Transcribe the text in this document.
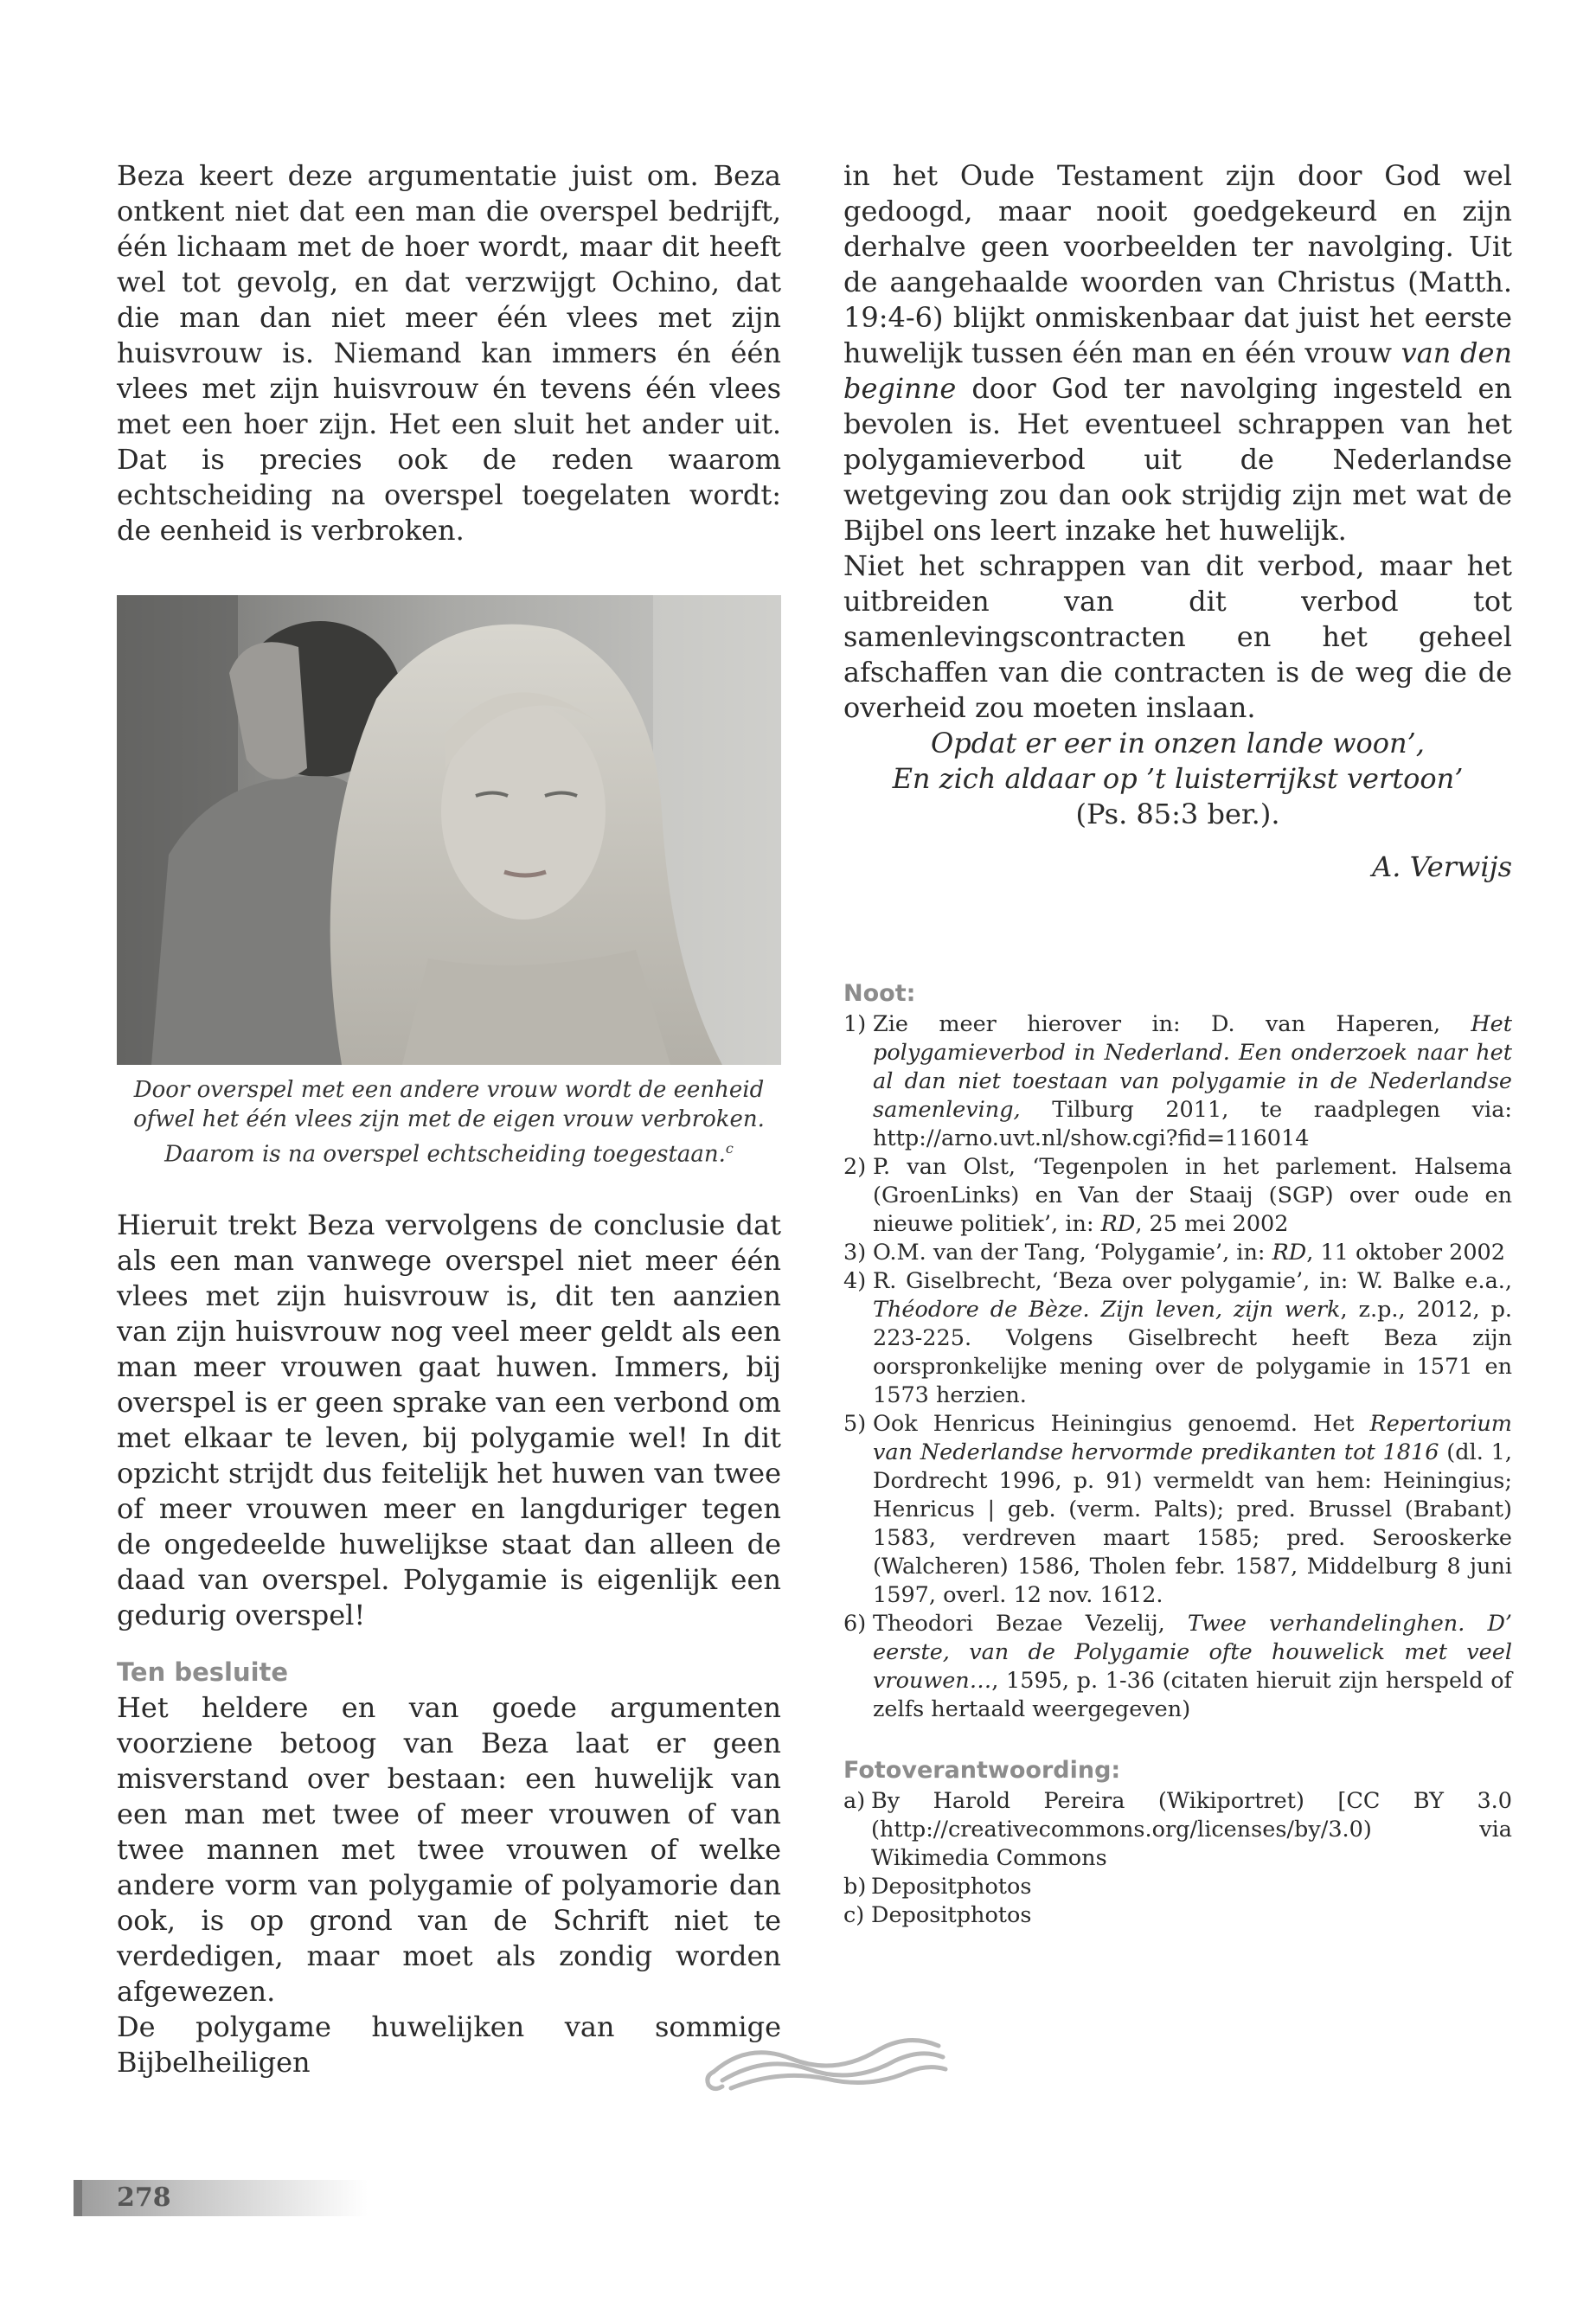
Beza keert deze argumentatie juist om. Beza ontkent niet dat een man die overspel bedrijft, één lichaam met de hoer wordt, maar dit heeft wel tot gevolg, en dat verzwijgt Ochino, dat die man dan niet meer één vlees met zijn huisvrouw is. Niemand kan immers én één vlees met zijn huisvrouw én tevens één vlees met een hoer zijn. Het een sluit het ander uit. Dat is precies ook de reden waarom echtscheiding na overspel toegelaten wordt: de eenheid is verbroken.

Door overspel met een andere vrouw wordt de eenheid ofwel het één vlees zijn met de eigen vrouw verbroken. Daarom is na overspel echtscheiding toegestaan.$^c$

Hieruit trekt Beza vervolgens de conclusie dat als een man vanwege overspel niet meer één vlees met zijn huisvrouw is, dit ten aanzien van zijn huisvrouw nog veel meer geldt als een man meer vrouwen gaat huwen. Immers, bij overspel is er geen sprake van een verbond om met elkaar te leven, bij polygamie wel! In dit opzicht strijdt dus feitelijk het huwen van twee of meer vrouwen meer en langduriger tegen de ongedeelde huwelijkse staat dan alleen de daad van overspel. Polygamie is eigenlijk een gedurig overspel!

Ten besluite

Het heldere en van goede argumenten voorziene betoog van Beza laat er geen misverstand over bestaan: een huwelijk van een man met twee of meer vrouwen of van twee mannen met twee vrouwen of welke andere vorm van polygamie of polyamorie dan ook, is op grond van de Schrift niet te verdedigen, maar moet als zondig worden afgewezen.

De polygame huwelijken van sommige Bijbelheiligen

in het Oude Testament zijn door God wel gedoogd, maar nooit goedgekeurd en zijn derhalve geen voorbeelden ter navolging. Uit de aangehaalde woorden van Christus (Matth. 19:4-6) blijkt onmiskenbaar dat juist het eerste huwelijk tussen één man en één vrouw van den beginne door God ter navolging ingesteld en bevolen is. Het eventueel schrappen van het polygamieverbod uit de Nederlandse wetgeving zou dan ook strijdig zijn met wat de Bijbel ons leert inzake het huwelijk.

Niet het schrappen van dit verbod, maar het uitbreiden van dit verbod tot samenlevingscontracten en het geheel afschaffen van die contracten is de weg die de overheid zou moeten inslaan.

Opdat er eer in onzen lande woon’,
En zich aldaar op ’t luisterrijkst vertoon’
(Ps. 85:3 ber.).
A. Verwijs
Noot:
1) Zie meer hierover in: D. van Haperen, Het polygamieverbod in Nederland. Een onderzoek naar het al dan niet toestaan van polygamie in de Nederlandse samenleving, Tilburg 2011, te raadplegen via: http://arno.uvt.nl/show.cgi?fid=116014
2) P. van Olst, ‘Tegenpolen in het parlement. Halsema (GroenLinks) en Van der Staaij (SGP) over oude en nieuwe politiek’, in: RD, 25 mei 2002
3) O.M. van der Tang, ‘Polygamie’, in: RD, 11 oktober 2002
4) R. Giselbrecht, ‘Beza over polygamie’, in: W. Balke e.a., Théodore de Bèze. Zijn leven, zijn werk, z.p., 2012, p. 223-225. Volgens Giselbrecht heeft Beza zijn oorspronkelijke mening over de polygamie in 1571 en 1573 herzien.
5) Ook Henricus Heiningius genoemd. Het Repertorium van Nederlandse hervormde predikanten tot 1816 (dl. 1, Dordrecht 1996, p. 91) vermeldt van hem: Heiningius; Henricus | geb. (verm. Palts); pred. Brussel (Brabant) 1583, verdreven maart 1585; pred. Serooskerke (Walcheren) 1586, Tholen febr. 1587, Middelburg 8 juni 1597, overl. 12 nov. 1612.
6) Theodori Bezae Vezelij, Twee verhandelinghen. D’ eerste, van de Polygamie ofte houwelick met veel vrouwen…, 1595, p. 1-36 (citaten hieruit zijn herspeld of zelfs hertaald weergegeven)
Fotoverantwoording:
a) By Harold Pereira (Wikiportret) [CC BY 3.0 (http://creativecommons.org/licenses/by/3.0) via Wikimedia Commons
b) Depositphotos
c) Depositphotos
278
